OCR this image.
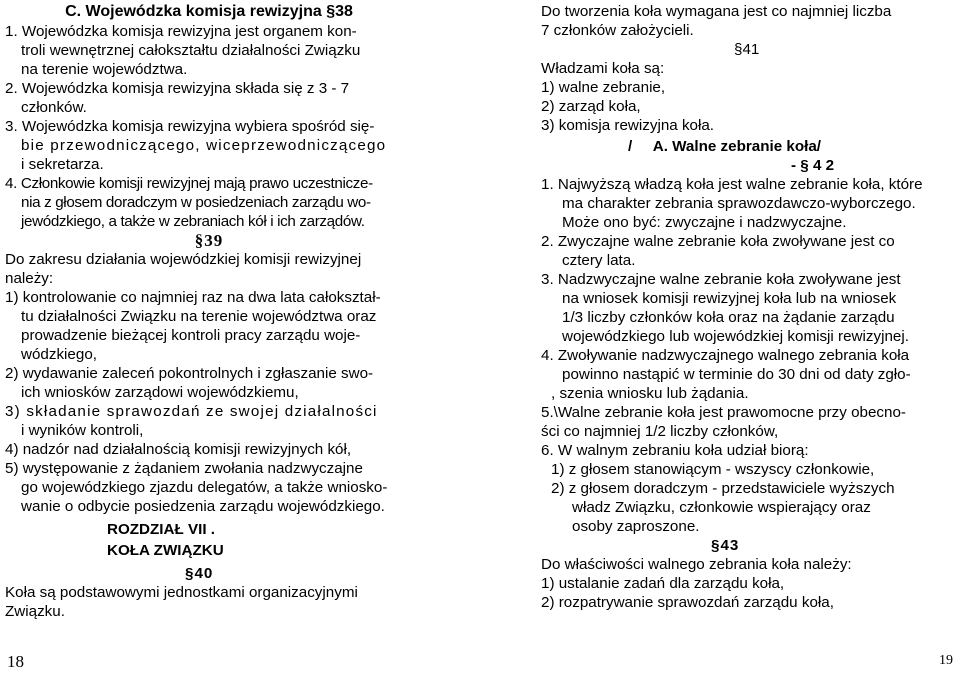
C. Wojewódzka komisja rewizyjna §38

1. Wojewódzka komisja rewizyjna jest organem kon-

troli wewnętrznej całokształtu działalności Związku

na terenie województwa.

2. Wojewódzka komisja rewizyjna składa się z 3 - 7

członków.

3. Wojewódzka komisja rewizyjna wybiera spośród się-

bie przewodniczącego, wiceprzewodniczącego

i sekretarza.

4. Członkowie komisji rewizyjnej mają prawo uczestnicze-

nia z głosem doradczym w posiedzeniach zarządu wo-

jewódzkiego, a także w zebraniach kół i ich zarządów.

§39

Do zakresu działania wojewódzkiej komisji rewizyjnej

należy:

1) kontrolowanie co najmniej raz na dwa lata całokształ-

tu działalności Związku na terenie województwa oraz

prowadzenie bieżącej kontroli pracy zarządu woje-

wódzkiego,

2) wydawanie zaleceń pokontrolnych i zgłaszanie swo-

ich wniosków zarządowi wojewódzkiemu,

3) składanie sprawozdań ze swojej działalności

i wyników kontroli,

4) nadzór nad działalnością komisji rewizyjnych kół,

5) występowanie z żądaniem zwołania nadzwyczajne

go wojewódzkiego zjazdu delegatów, a także wniosko-

wanie o odbycie posiedzenia zarządu wojewódzkiego.

ROZDZIAŁ VII .

KOŁA ZWIĄZKU

§40

Koła są podstawowymi jednostkami organizacyjnymi

Związku.

Do tworzenia koła wymagana jest co najmniej liczba

7 członków założycieli.

§41

Władzami koła są:

1) walne zebranie,

2) zarząd koła,

3) komisja rewizyjna koła.

/     A. Walne zebranie koła/

- § 4 2

1. Najwyższą władzą koła jest walne zebranie koła, które

ma charakter zebrania sprawozdawczo-wyborczego.

Może ono być: zwyczajne i nadzwyczajne.

2. Zwyczajne walne zebranie koła zwoływane jest co

cztery lata.

3. Nadzwyczajne walne zebranie koła zwoływane jest

na wniosek komisji rewizyjnej koła lub na wniosek

1/3 liczby członków koła oraz na żądanie zarządu

wojewódzkiego lub wojewódzkiej komisji rewizyjnej.

4. Zwoływanie nadzwyczajnego walnego zebrania koła

powinno nastąpić w terminie do 30 dni od daty zgło-

, szenia wniosku lub żądania.

5.\Walne zebranie koła jest prawomocne przy obecno-

ści co najmniej 1/2 liczby członków,

6. W walnym zebraniu koła udział biorą:

1) z głosem stanowiącym - wszyscy członkowie,

2) z głosem doradczym - przedstawiciele wyższych

władz Związku, członkowie wspierający oraz

osoby zaproszone.

§43

Do właściwości walnego zebrania koła należy:

1) ustalanie zadań dla zarządu koła,

2) rozpatrywanie sprawozdań zarządu koła,

18	19
